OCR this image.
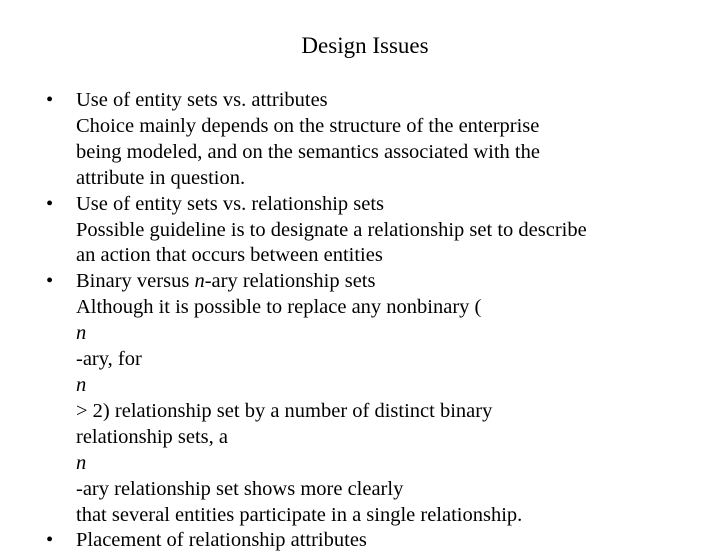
Design Issues
• Use of entity sets vs. attributes
Choice mainly depends on the structure of the enterprise
being modeled, and on the semantics associated with the
attribute in question.
• Use of entity sets vs. relationship sets
Possible guideline is to designate a relationship set to describe
an action that occurs between entities
• Binary versus n-ary relationship sets
Although it is possible to replace any nonbinary (
n
-ary, for
n
> 2) relationship set by a number of distinct binary
relationship sets, a
n
-ary relationship set shows more clearly
that several entities participate in a single relationship.
• Placement of relationship attributes
